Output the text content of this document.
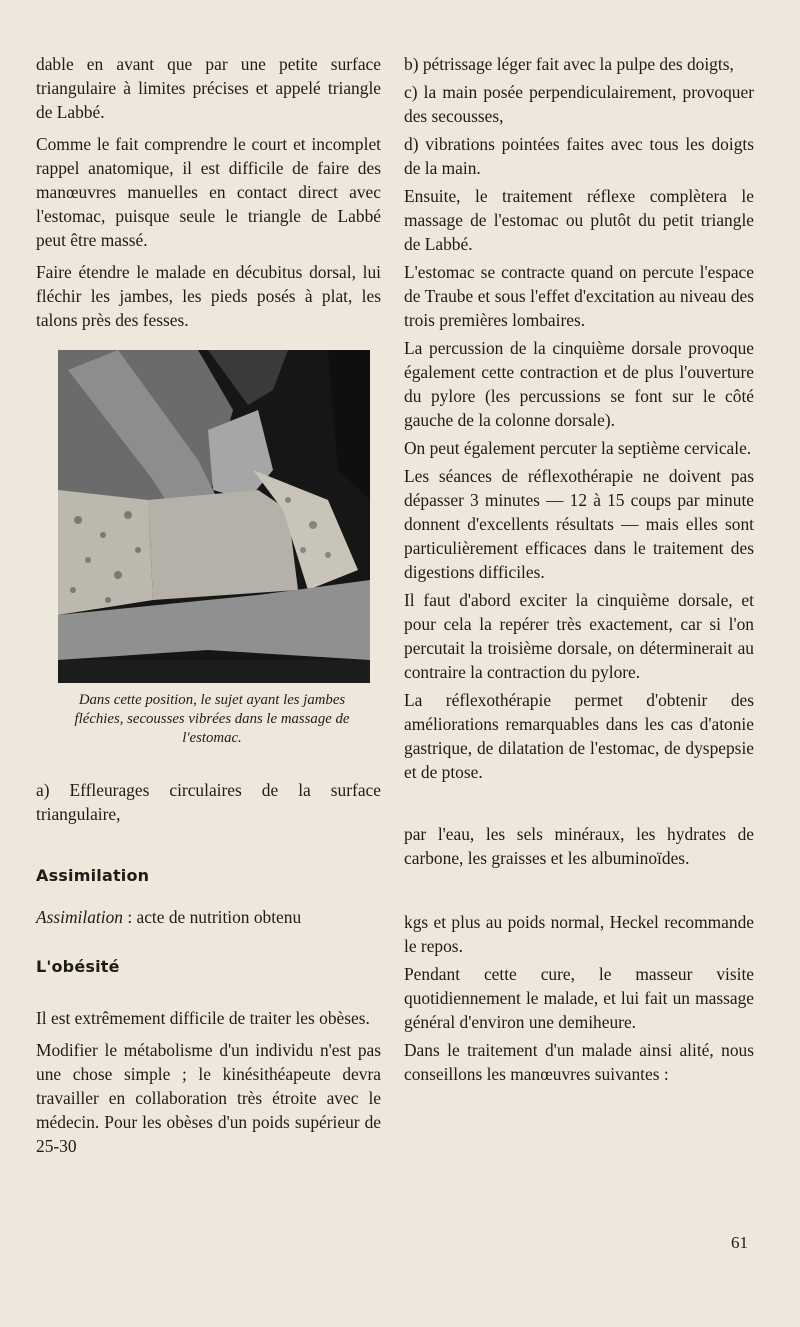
dable en avant que par une petite surface triangulaire à limites précises et appelé triangle de Labbé.

Comme le fait comprendre le court et incomplet rappel anatomique, il est difficile de faire des manœuvres manuelles en contact direct avec l'estomac, puisque seule le triangle de Labbé peut être massé.

Faire étendre le malade en décubitus dorsal, lui fléchir les jambes, les pieds posés à plat, les talons près des fesses.

Dans cette position, le sujet ayant les jambes fléchies, secousses vibrées dans le massage de l'estomac.

a) Effleurages circulaires de la surface triangulaire,

Assimilation

Assimilation : acte de nutrition obtenu

L'obésité

Il est extrêmement difficile de traiter les obèses.

Modifier le métabolisme d'un individu n'est pas une chose simple ; le kinésithéapeute devra travailler en collaboration très étroite avec le médecin. Pour les obèses d'un poids supérieur de 25-30

b) pétrissage léger fait avec la pulpe des doigts,

c) la main posée perpendiculairement, provoquer des secousses,

d) vibrations pointées faites avec tous les doigts de la main.

Ensuite, le traitement réflexe complètera le massage de l'estomac ou plutôt du petit triangle de Labbé.

L'estomac se contracte quand on percute l'espace de Traube et sous l'effet d'excitation au niveau des trois premières lombaires.

La percussion de la cinquième dorsale provoque également cette contraction et de plus l'ouverture du pylore (les percussions se font sur le côté gauche de la colonne dorsale).

On peut également percuter la septième cervicale.

Les séances de réflexothérapie ne doivent pas dépasser 3 minutes — 12 à 15 coups par minute donnent d'excellents résultats — mais elles sont particulièrement efficaces dans le traitement des digestions difficiles.

Il faut d'abord exciter la cinquième dorsale, et pour cela la repérer très exactement, car si l'on percutait la troisième dorsale, on déterminerait au contraire la contraction du pylore.

La réflexothérapie permet d'obtenir des améliorations remarquables dans les cas d'atonie gastrique, de dilatation de l'estomac, de dyspepsie et de ptose.

par l'eau, les sels minéraux, les hydrates de carbone, les graisses et les albuminoïdes.

kgs et plus au poids normal, Heckel recommande le repos.

Pendant cette cure, le masseur visite quotidiennement le malade, et lui fait un massage général d'environ une demiheure.

Dans le traitement d'un malade ainsi alité, nous conseillons les manœuvres suivantes :

61
